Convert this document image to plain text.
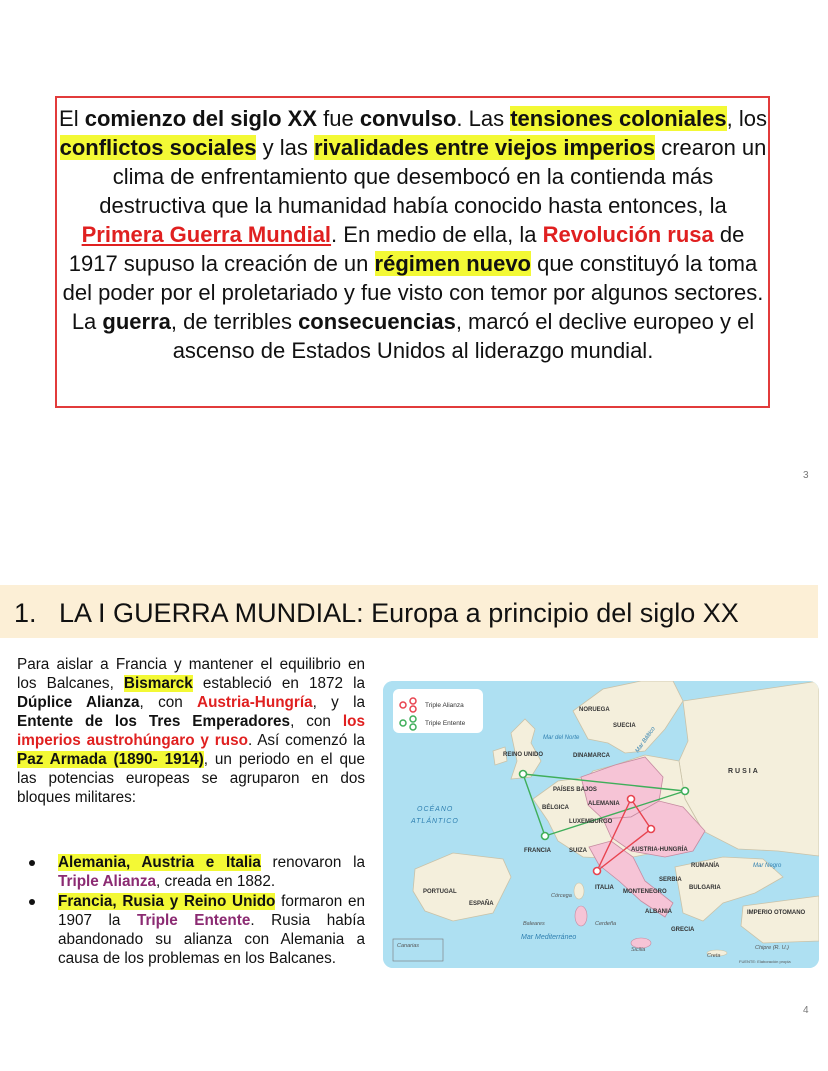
El comienzo del siglo XX fue convulso. Las tensiones coloniales, los conflictos sociales y las rivalidades entre viejos imperios crearon un clima de enfrentamiento que desembocó en la contienda más destructiva que la humanidad había conocido hasta entonces, la Primera Guerra Mundial. En medio de ella, la Revolución rusa de 1917 supuso la creación de un régimen nuevo que constituyó la toma del poder por el proletariado y fue visto con temor por algunos sectores.
La guerra, de terribles consecuencias, marcó el declive europeo y el ascenso de Estados Unidos al liderazgo mundial.

3
1.   LA I GUERRA MUNDIAL: Europa a principio del siglo XX

Para aislar a Francia y mantener el equilibrio en los Balcanes, Bismarck estableció en 1872 la Dúplice Alianza, con Austria-Hungría, y la Entente de los Tres Emperadores, con los imperios austrohúngaro y ruso. Así comenzó la Paz Armada (1890- 1914), un periodo en el que las potencias europeas se agruparon en dos bloques militares:

Alemania, Austria e Italia renovaron la Triple Alianza, creada en 1882.
Francia, Rusia y Reino Unido formaron en 1907 la Triple Entente. Rusia había abandonado su alianza con Alemania a causa de los problemas en los Balcanes.
4
Triple Alianza
Triple Entente
NORUEGA
SUECIA
RUSIA
REINO UNIDO	DINAMARCA
PAÍSES BAJOS
BÉLGICA
ALEMANIA
LUXEMBURGO
FRANCIA	SUIZA	AUSTRIA-HUNGRÍA
RUMANÍA
SERBIA
BULGARIA
ITALIA
MONTENEGRO
PORTUGAL
ESPAÑA
ALBANIA
GRECIA
IMPERIO OTOMANO
Mar del Norte	Mar Báltico
Mar Negro
Mar Mediterráneo
OCÉANO
ATLÁNTICO
Córcega
Cerdeña
Baleares
Sicilia
Creta
Chipre (R. U.)
Canarias
FUENTE: Elaboración propia
